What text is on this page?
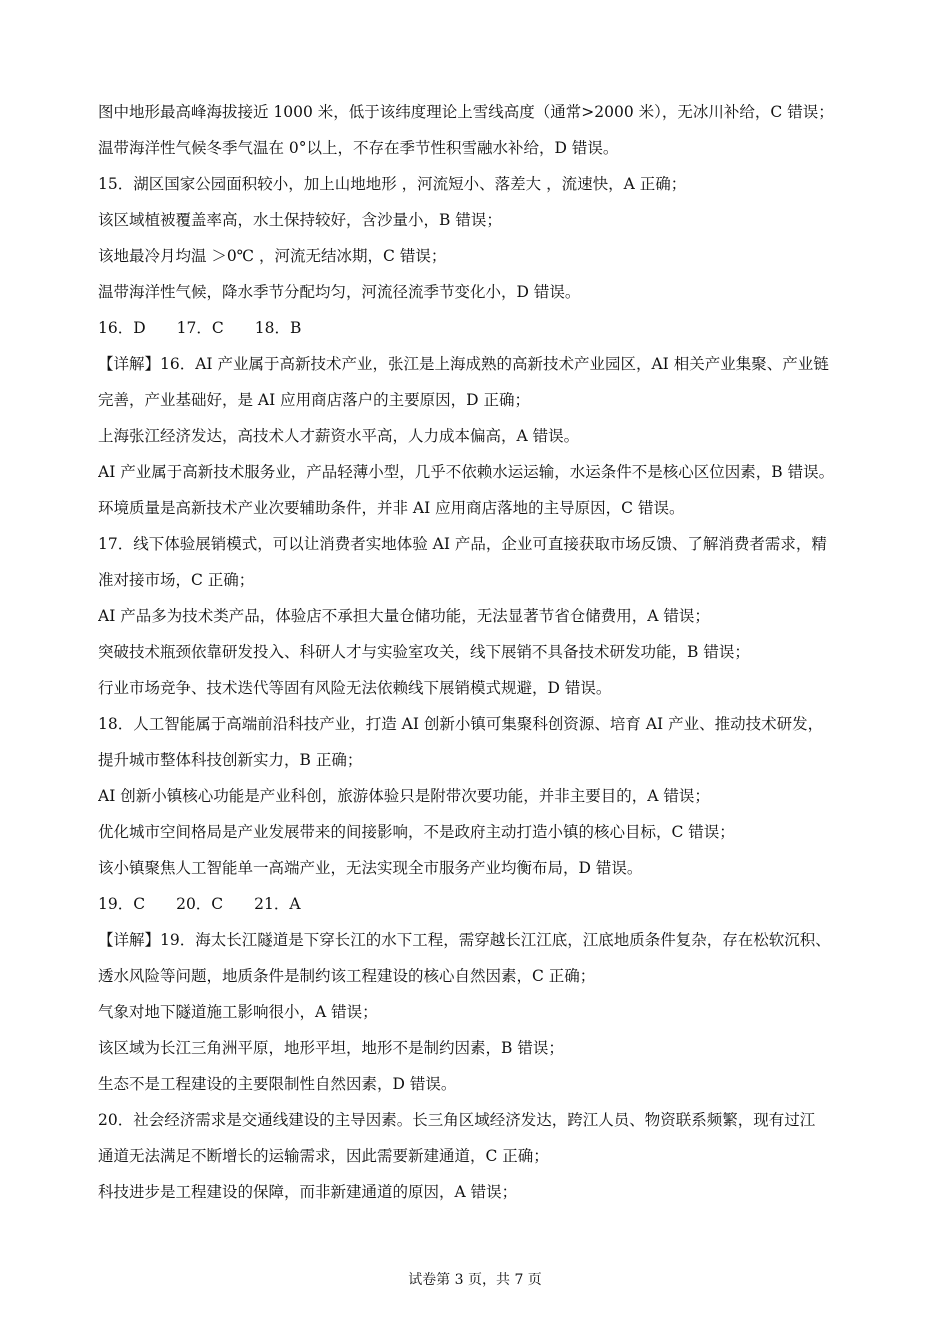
图中地形最高峰海拔接近 1000 米，低于该纬度理论上雪线高度（通常>2000 米），无冰川补给，C 错误；
温带海洋性气候冬季气温在 0°以上，不存在季节性积雪融水补给，D 错误。
15．湖区国家公园面积较小，加上山地地形 ，河流短小、落差大 ，流速快，A 正确；
该区域植被覆盖率高，水土保持较好，含沙量小，B 错误；
该地最冷月均温 ＞0℃ ，河流无结冰期，C 错误；
温带海洋性气候，降水季节分配均匀，河流径流季节变化小，D 错误。
16．D　　17．C　　18．B
【详解】16．AI 产业属于高新技术产业，张江是上海成熟的高新技术产业园区，AI 相关产业集聚、产业链
完善，产业基础好，是 AI 应用商店落户的主要原因，D 正确；
上海张江经济发达，高技术人才薪资水平高，人力成本偏高，A 错误。
AI 产业属于高新技术服务业，产品轻薄小型，几乎不依赖水运运输，水运条件不是核心区位因素，B 错误。
环境质量是高新技术产业次要辅助条件，并非 AI 应用商店落地的主导原因，C 错误。
17．线下体验展销模式，可以让消费者实地体验 AI 产品，企业可直接获取市场反馈、了解消费者需求，精
准对接市场，C 正确；
AI 产品多为技术类产品，体验店不承担大量仓储功能，无法显著节省仓储费用，A 错误；
突破技术瓶颈依靠研发投入、科研人才与实验室攻关，线下展销不具备技术研发功能，B 错误；
行业市场竞争、技术迭代等固有风险无法依赖线下展销模式规避，D 错误。
18．人工智能属于高端前沿科技产业，打造 AI 创新小镇可集聚科创资源、培育 AI 产业、推动技术研发，
提升城市整体科技创新实力，B 正确；
AI 创新小镇核心功能是产业科创，旅游体验只是附带次要功能，并非主要目的，A 错误；
优化城市空间格局是产业发展带来的间接影响，不是政府主动打造小镇的核心目标，C 错误；
该小镇聚焦人工智能单一高端产业，无法实现全市服务产业均衡布局，D 错误。
19．C　　20．C　　21．A
【详解】19．海太长江隧道是下穿长江的水下工程，需穿越长江江底，江底地质条件复杂，存在松软沉积、
透水风险等问题，地质条件是制约该工程建设的核心自然因素，C 正确；
气象对地下隧道施工影响很小，A 错误；
该区域为长江三角洲平原，地形平坦，地形不是制约因素，B 错误；
生态不是工程建设的主要限制性自然因素，D 错误。
20．社会经济需求是交通线建设的主导因素。长三角区域经济发达，跨江人员、物资联系频繁，现有过江
通道无法满足不断增长的运输需求，因此需要新建通道，C 正确；
科技进步是工程建设的保障，而非新建通道的原因，A 错误；
试卷第 3 页，共 7 页
